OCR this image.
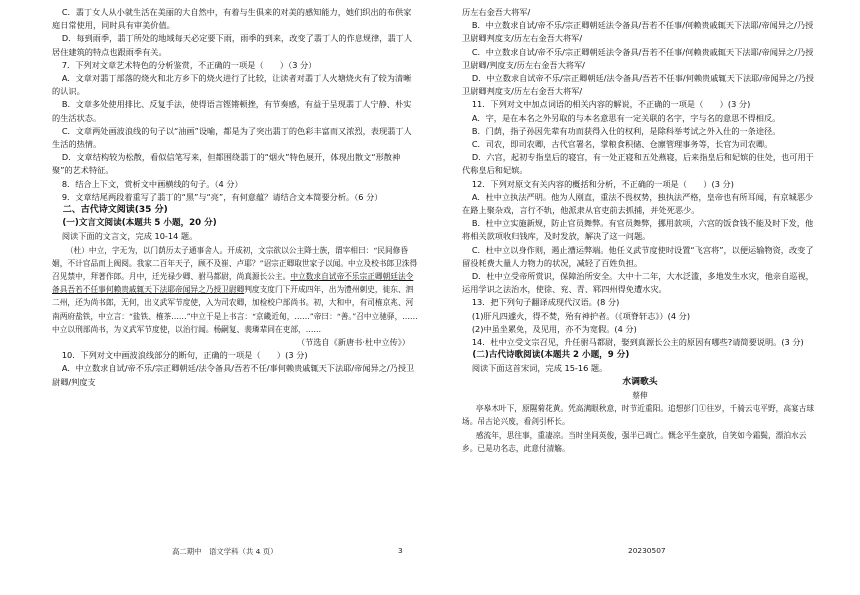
C．翡丁女人从小就生活在美丽的大自然中，有着与生俱来的对美的感知能力，她们织出的布供家庭日常使用，同时具有审美价值。

D．每到雨季，翡丁所处的地域每天必定要下雨，雨季的到来，改变了翡丁人的作息规律，翡丁人居住建筑的特点也跟雨季有关。

7．下列对文章艺术特色的分析鉴赏，不正确的一项是（　　）（3 分）

A．文章对翡丁部落的烧火和北方乡下的烧火进行了比较，让读者对翡丁人火塘烧火有了较为清晰的认识。

B．文章多处使用排比、反复手法，使得语言铿锵顿挫，有节奏感，有益于呈现翡丁人宁静、朴实的生活状态。

C．文章两处画波浪线的句子以“油画”设喻，都是为了突出翡丁的色彩丰富而又浓烈，表现翡丁人生活的热情。

D．文章结构较为松散，看似信笔写来，但都围绕翡丁的“烟火”特色展开，体现出散文“形散神聚”的艺术特征。

8．结合上下文，赏析文中画横线的句子。（4 分）

9．文章结尾两段着重写了翡丁的“黑”与“亮”，有何意蕴？请结合文本简要分析。（6 分）

二、古代诗文阅读(35 分)

(一)文言文阅读(本题共 5 小题，20 分)

阅读下面的文言文，完成 10-14 题。

（杜）中立，字无为，以门荫历太子通事舍人。开成初，文宗欲以公主降士族，谓宰相曰：“民间修昏姻，不计官品而上阀阅。我家二百年天子，顾不及崔、卢耶？”诏宗正卿取世家子以闻。中立及校书郎卫洙得召见禁中，拜著作郎。月中，迁光禄少卿、驸马都尉，尚真源长公主。中立数求自试帝不乐宗正卿朝廷法令备具吾若不任事何赖贵戚辄天下法耶帝闻异之乃授卫尉卿判度支度门下开成四年，出为澧州刺史，徙东、泗二州，还为尚书郎，无何，出义武军节度使，入为司农卿，加检校户部尚书。初，大和中，有司榷京兆、河南两府盐铁，中立言：“盐铁、榷茶……”中立于是上书言：“京畿近甸，……”帝曰：“善。”召中立驰驿，……中立以刑部尚书，为义武军节度使，以治行闻。杨嗣复、裴璘辈同在吏部，……

（节选自《新唐书·杜中立传》）

10．下列对文中画波浪线部分的断句，正确的一项是（　　）(3 分)

A．中立数求自试/帝不乐/宗正卿朝廷/法令备具/吾若不任/事何赖贵戚辄天下法耶/帝闻异之/乃授卫尉卿/判度支

历左右金吾大将军/

B．中立数求自试/帝不乐/宗正卿朝廷法令备具/吾若不任事/何赖贵戚辄天下法耶/帝闻异之/乃授卫尉卿判度支/历左右金吾大将军/

C．中立数求自试/帝不乐/宗正卿朝廷法令备具/吾若不任事/何赖贵戚辄天下法耶/帝闻异之/乃授卫尉卿/判度支/历左右金吾大将军/

D．中立数求自试帝不乐/宗正卿朝廷/法令备具/吾若不任事/何赖贵戚辄天下法耶/帝闻异之/乃授卫尉卿判度支/历左右金吾大将军/

11．下列对文中加点词语的相关内容的解说，不正确的一项是（　　）(3 分)

A．字，是在本名之外另取的与本名意思有一定关联的名字，字与名的意思不得相反。

B．门荫，指子孙因先辈有功而获得入仕的权利，是除科举考试之外入仕的一条途径。

C．司农，即司农卿，古代官署名，掌粮食积储、仓廪管理事务等，长官为司农卿。

D．六宫，起初专指皇后的寝宫，有一处正寝和五处燕寝，后来指皇后和妃嫔的住处，也可用于代称皇后和妃嫔。

12．下列对原文有关内容的概括和分析，不正确的一项是（　　）(3 分)

A．杜中立执法严明。他为人刚直，重法不畏权势，独执法严格，皇帝也有所耳闻，有京城恶少在路上聚杂戏，言行不轨，他派隶从官吏前去抓捕，并处死恶少。

B．杜中立实施新规，防止官员舞弊。有官员舞弊，挪用款项，六宫的饭食钱不能及时下发，他将相关款项收归钱库，及时发放，解决了这一问题。

C．杜中立以身作则，遏止漕运弊端。他任义武节度使时设置“飞宫将”，以便运输物资，改变了留役耗费大量人力物力的状况，减轻了百姓负担。

D．杜中立受帝所赏识，保障治所安全。大中十二年，大水泛滥，多地发生水灾，他亲自巡视，运用学识之法治水，使徐、兖、青、郓四州得免遭水灾。

13．把下列句子翻译成现代汉语。(8 分)

(1)肝凡四遽火，得不焚，殆有神护者。（《项脊轩志》）(4 分)

(2)中虽坐累免，及见用，亦不为宽假。(4 分)

14．杜中立受文宗召见，升任驸马都尉，娶到真源长公主的原因有哪些?请简要说明。(3 分)

(二)古代诗歌阅读(本题共 2 小题，9 分)

阅读下面这首宋词，完成 15-16 题。

水调歌头

蔡伸

亭皋木叶下，原隰菊花黄。凭高满眼秋意，时节近重阳。追想彭门①往岁，千骑云屯平野，高宴古球场。吊古论兴废，看剑引杯长。

感流年，思往事，重凄凉。当时坐间英俊，强半已凋亡。慨念平生豪放，自笑如今霜鬓，漂泊水云乡。已是功名志，此意付清觞。

高二期中　语文学科（共 4 页）	3	20230507
